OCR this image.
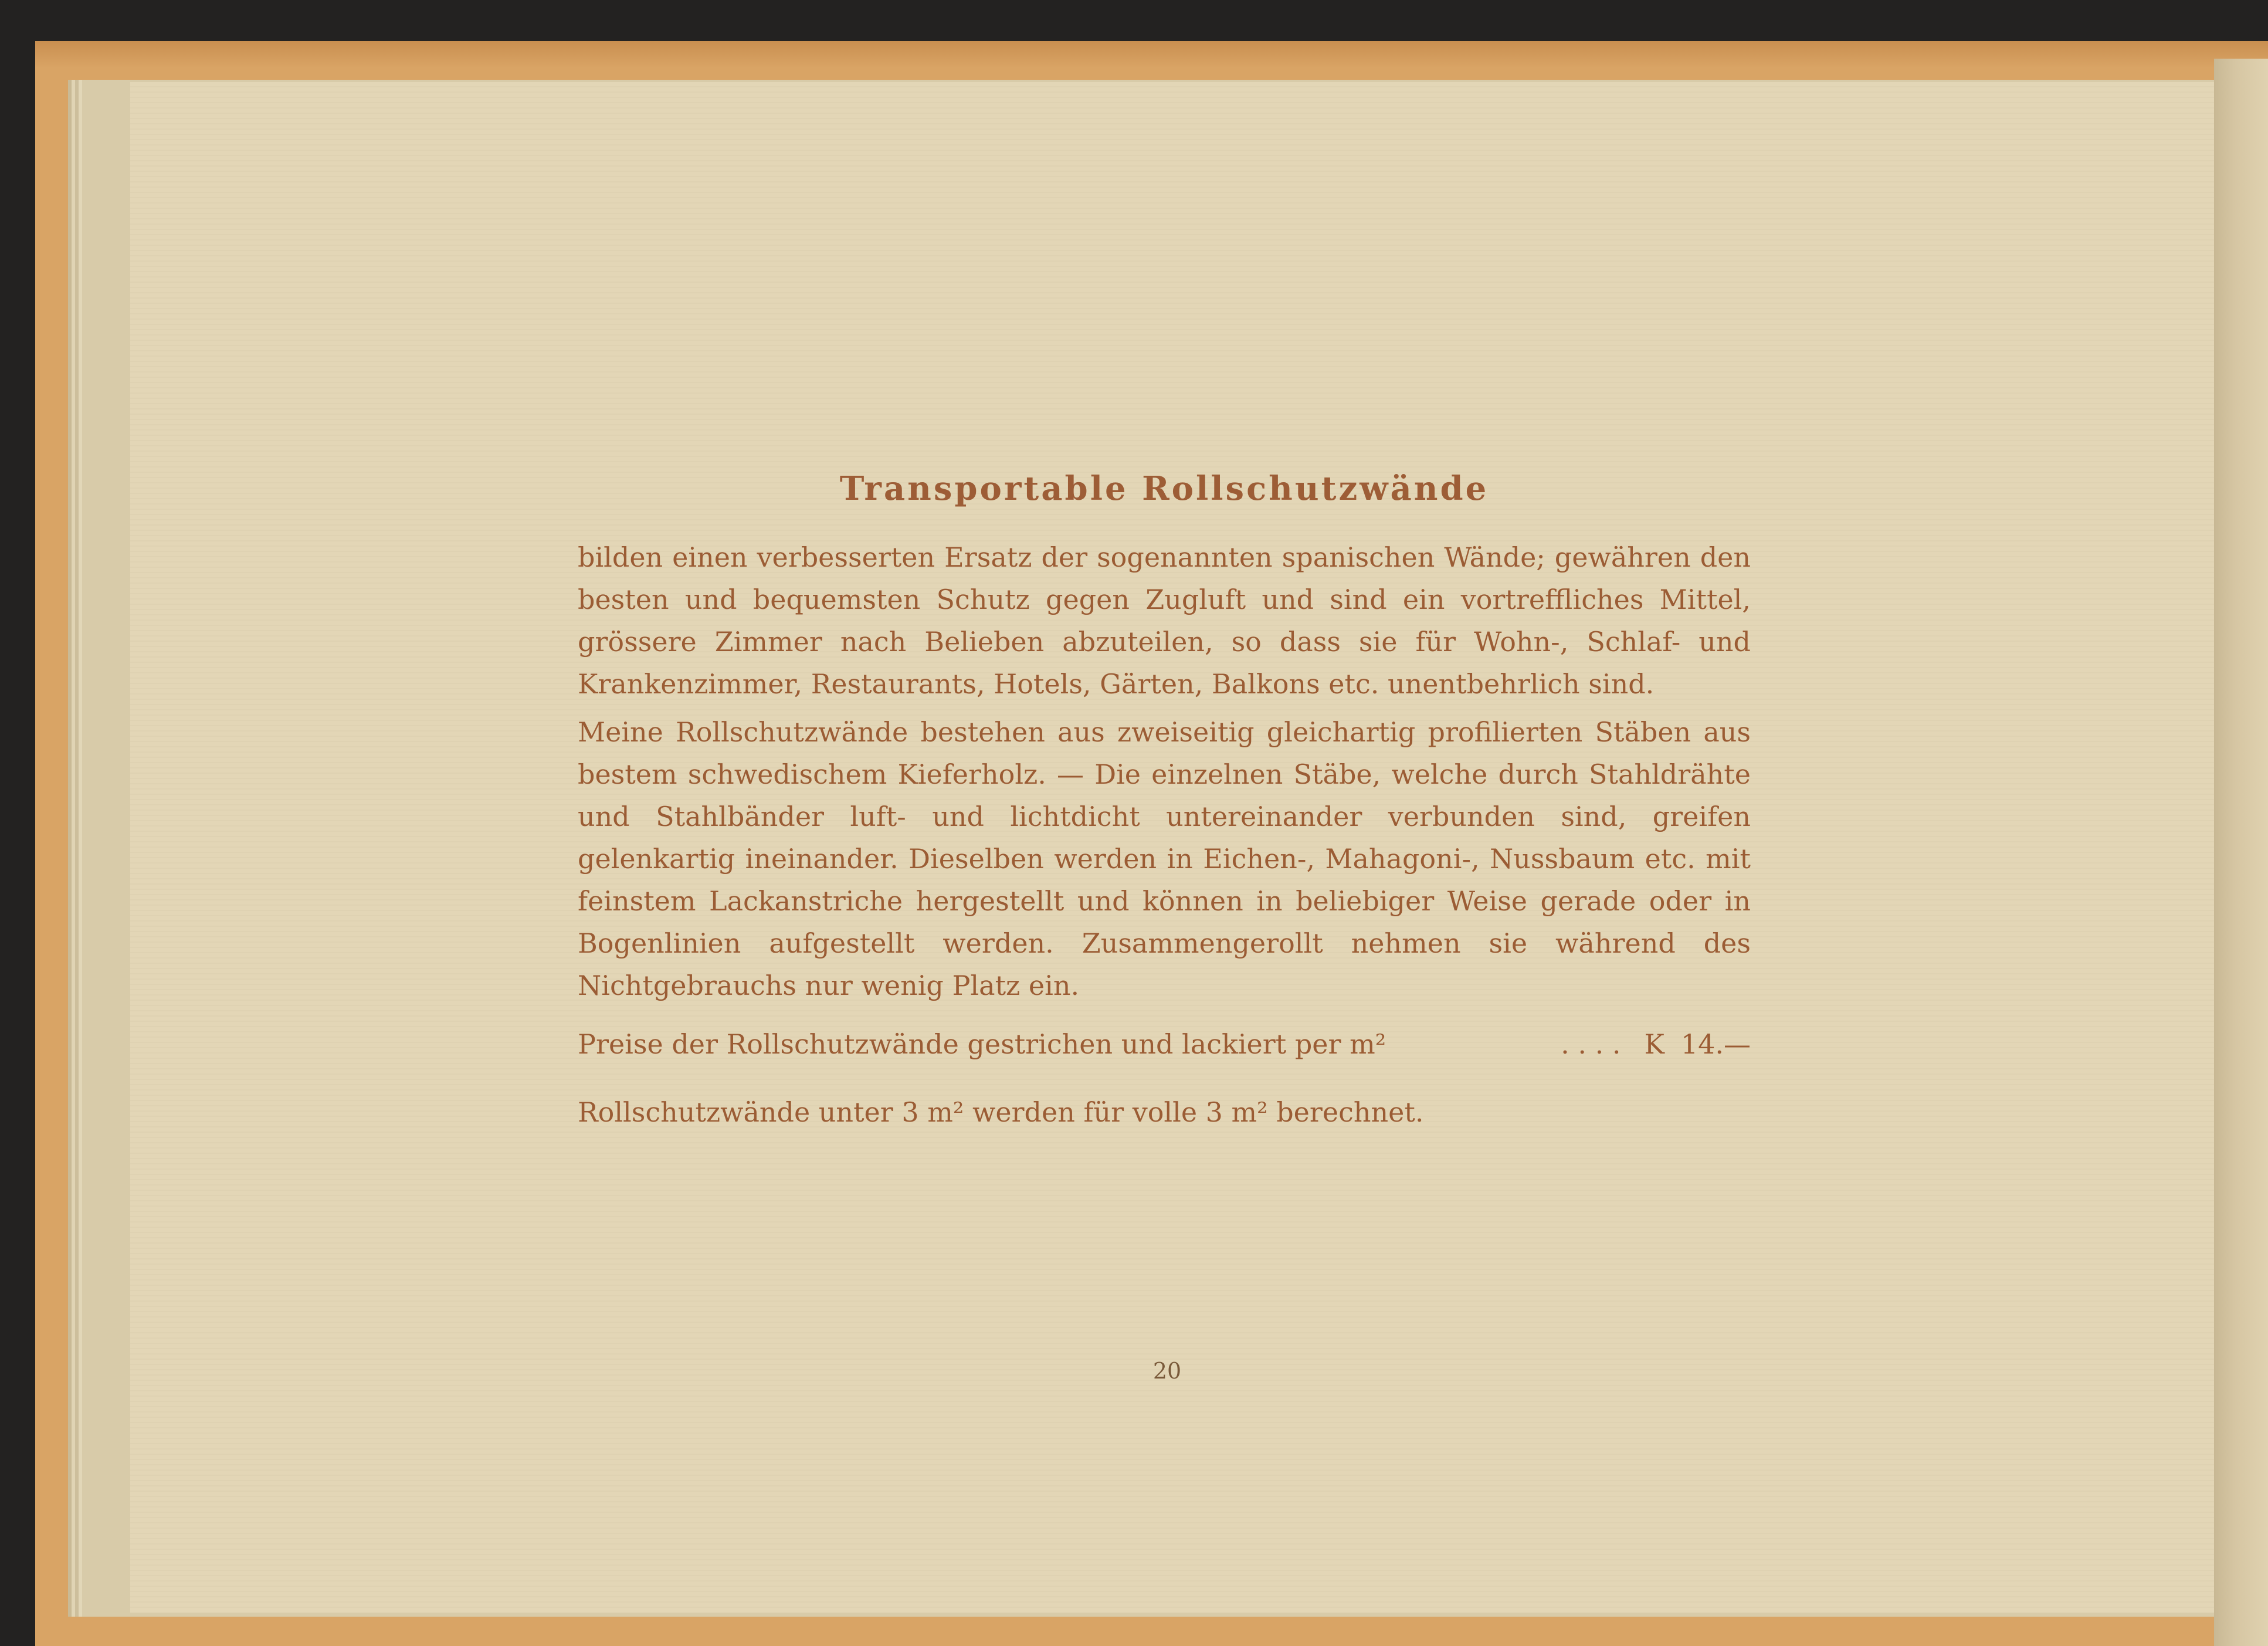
Transportable Rollschutzwände

bilden einen verbesserten Ersatz der sogenannten spanischen Wände; gewähren den besten und bequemsten Schutz gegen Zugluft und sind ein vortreffliches Mittel, grössere Zimmer nach Belieben abzuteilen, so dass sie für Wohn-, Schlaf- und Krankenzimmer, Restaurants, Hotels, Gärten, Balkons etc. unentbehrlich sind.

Meine Rollschutzwände bestehen aus zweiseitig gleichartig profilierten Stäben aus bestem schwedischem Kieferholz. — Die einzelnen Stäbe, welche durch Stahldrähte und Stahlbänder luft- und lichtdicht untereinander verbunden sind, greifen gelenkartig ineinander. Dieselben werden in Eichen-, Mahagoni-, Nussbaum etc. mit feinstem Lackanstriche hergestellt und können in beliebiger Weise gerade oder in Bogenlinien aufgestellt werden. Zusammengerollt nehmen sie während des Nichtgebrauchs nur wenig Platz ein.

Preise der Rollschutzwände gestrichen und lackiert per m²	. . . . K 14.—

Rollschutzwände unter 3 m² werden für volle 3 m² berechnet.

20
